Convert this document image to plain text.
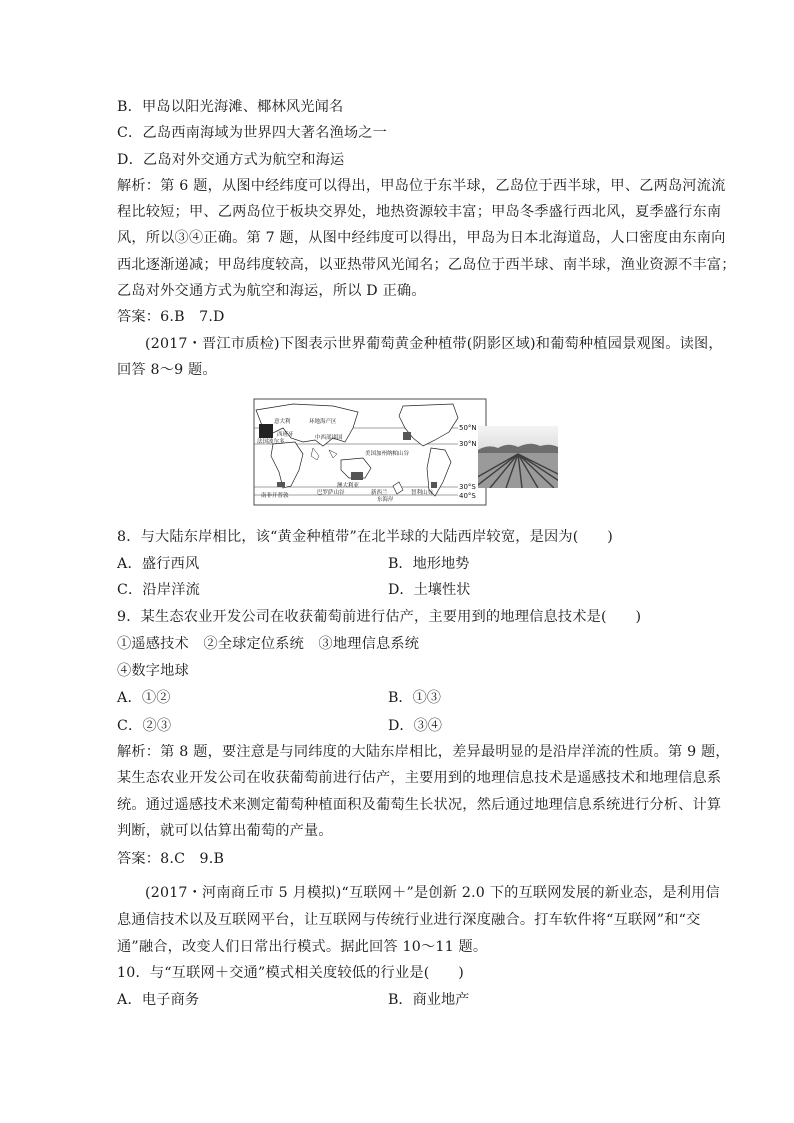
B．甲岛以阳光海滩、椰林风光闻名
C．乙岛西南海域为世界四大著名渔场之一
D．乙岛对外交通方式为航空和海运
解析：第 6 题，从图中经纬度可以得出，甲岛位于东半球，乙岛位于西半球，甲、乙两岛河流流
程比较短；甲、乙两岛位于板块交界处，地热资源较丰富；甲岛冬季盛行西北风，夏季盛行东南
风，所以③④正确。第 7 题，从图中经纬度可以得出，甲岛为日本北海道岛，人口密度由东南向
西北逐渐递减；甲岛纬度较高，以亚热带风光闻名；乙岛位于西半球、南半球，渔业资源不丰富；
乙岛对外交通方式为航空和海运，所以 D 正确。
答案：6.B　7.D
(2017・晋江市质检)下图表示世界葡萄黄金种植带(阴影区域)和葡萄种植园景观图。读图，
回答 8～9 题。
意大利	环地海产区
法国波尔多
西班牙	中西部诸国
美国加州纳帕山谷
澳大利亚
南非开普敦	巴罗萨山谷	新西兰	智利山谷
东海岸
50°N
30°N
30°S
40°S
8．与大陆东岸相比，该“黄金种植带”在北半球的大陆西岸较宽，是因为(　　)
A．盛行西风	B．地形地势
C．沿岸洋流	D．土壤性状
9．某生态农业开发公司在收获葡萄前进行估产，主要用到的地理信息技术是(　　)
①遥感技术　②全球定位系统　③地理信息系统
④数字地球
A．①②	B．①③
C．②③	D．③④
解析：第 8 题，要注意是与同纬度的大陆东岸相比，差异最明显的是沿岸洋流的性质。第 9 题，
某生态农业开发公司在收获葡萄前进行估产，主要用到的地理信息技术是遥感技术和地理信息系
统。通过遥感技术来测定葡萄种植面积及葡萄生长状况，然后通过地理信息系统进行分析、计算
判断，就可以估算出葡萄的产量。
答案：8.C　9.B
(2017・河南商丘市 5 月模拟)“互联网＋”是创新 2.0 下的互联网发展的新业态，是利用信
息通信技术以及互联网平台，让互联网与传统行业进行深度融合。打车软件将“互联网”和“交
通”融合，改变人们日常出行模式。据此回答 10～11 题。
10．与“互联网＋交通”模式相关度较低的行业是(　　)
A．电子商务	B．商业地产
